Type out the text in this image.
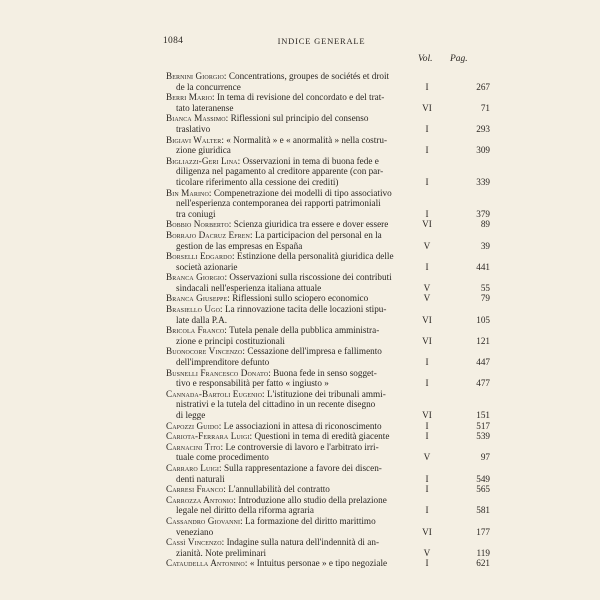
1084	INDICE GENERALE
Vol. Pag.
Bernini Giorgio: Concentrations, groupes de sociétés et droit
de la concurrence	I	267
Berri Mario: In tema di revisione del concordato e del trat-
tato lateranense	VI	71
Bianca Massimo: Riflessioni sul principio del consenso
traslativo	I	293
Bigiavi Walter: « Normalità » e « anormalità » nella costru-
zione giuridica	I	309
Bigliazzi-Geri Lina: Osservazioni in tema di buona fede e
diligenza nel pagamento al creditore apparente (con par-
ticolare riferimento alla cessione dei crediti)	I	339
Bin Marino: Compenetrazione dei modelli di tipo associativo
nell'esperienza contemporanea dei rapporti patrimoniali
tra coniugi	I	379
Bobbio Norberto: Scienza giuridica tra essere e dover essere	VI	89
Borrajo Dacruz Efren: La participacion del personal en la
gestion de las empresas en España	V	39
Borselli Edgardo: Estinzione della personalità giuridica delle
società azionarie	I	441
Branca Giorgio: Osservazioni sulla riscossione dei contributi
sindacali nell'esperienza italiana attuale	V	55
Branca Giuseppe: Riflessioni sullo sciopero economico	V	79
Brasiello Ugo: La rinnovazione tacita delle locazioni stipu-
late dalla P.A.	VI	105
Bricola Franco: Tutela penale della pubblica amministra-
zione e principi costituzionali	VI	121
Buonocore Vincenzo: Cessazione dell'impresa e fallimento
dell'imprenditore defunto	I	447
Busnelli Francesco Donato: Buona fede in senso sogget-
tivo e responsabilità per fatto « ingiusto »	I	477
Cannada-Bartoli Eugenio: L'istituzione dei tribunali ammi-
nistrativi e la tutela del cittadino in un recente disegno
di legge	VI	151
Capozzi Guido: Le associazioni in attesa di riconoscimento	I	517
Cariota-Ferrara Luigi: Questioni in tema di eredità giacente	I	539
Carnacini Tito: Le controversie di lavoro e l'arbitrato irri-
tuale come procedimento	V	97
Carraro Luigi: Sulla rappresentazione a favore dei discen-
denti naturali	I	549
Carresi Franco: L'annullabilità del contratto	I	565
Carrozza Antonio: Introduzione allo studio della prelazione
legale nel diritto della riforma agraria	I	581
Cassandro Giovanni: La formazione del diritto marittimo
veneziano	VI	177
Cassì Vincenzo: Indagine sulla natura dell'indennità di an-
zianità. Note preliminari	V	119
Cataudella Antonino: « Intuitus personae » e tipo negoziale	I	621
